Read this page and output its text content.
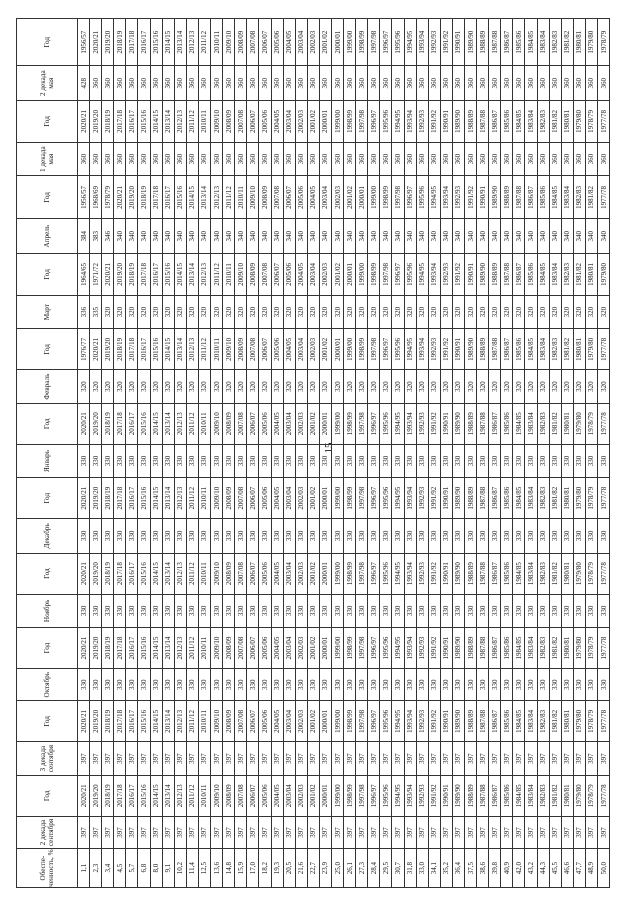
15
Обеспе-ченность, %	2 декада сентября	Год	3 декада сентября	Год	Октябрь	Год	Ноябрь	Год	Декабрь	Год	Январь	Год	Февраль	Год	Март	Год	Апрель	Год	1 декада мая	Год	2 декада мая	Год
1,1	397	2020/21	397	2020/21	330	2020/21	330	2020/21	330	2020/21	330	2020/21	320	1976/77	336	1964/65	384	1956/57	360	2020/21	428	1956/57
2,3	397	2019/20	397	2019/20	330	2019/20	330	2019/20	330	2019/20	330	2019/20	320	2020/21	335	1971/72	383	1968/69	360	2019/20	360	2020/21
3,4	397	2018/19	397	2018/19	330	2018/19	330	2018/19	330	2018/19	330	2018/19	320	2019/20	320	2020/21	346	1978/79	360	2018/19	360	2019/20
4,5	397	2017/18	397	2017/18	330	2017/18	330	2017/18	330	2017/18	330	2017/18	320	2018/19	320	2019/20	340	2020/21	360	2017/18	360	2018/19
5,7	397	2016/17	397	2016/17	330	2016/17	330	2016/17	330	2016/17	330	2016/17	320	2017/18	320	2018/19	340	2019/20	360	2016/17	360	2017/18
6,8	397	2015/16	397	2015/16	330	2015/16	330	2015/16	330	2015/16	330	2015/16	320	2016/17	320	2017/18	340	2018/19	360	2015/16	360	2016/17
8,0	397	2014/15	397	2014/15	330	2014/15	330	2014/15	330	2014/15	330	2014/15	320	2015/16	320	2016/17	340	2017/18	360	2014/15	360	2015/16
9,1	397	2013/14	397	2013/14	330	2013/14	330	2013/14	330	2013/14	330	2013/14	320	2014/15	320	2015/16	340	2016/17	360	2013/14	360	2014/15
10,2	397	2012/13	397	2012/13	330	2012/13	330	2012/13	330	2012/13	330	2012/13	320	2013/14	320	2014/15	340	2015/16	360	2012/13	360	2013/14
11,4	397	2011/12	397	2011/12	330	2011/12	330	2011/12	330	2011/12	330	2011/12	320	2012/13	320	2013/14	340	2014/15	360	2011/12	360	2012/13
12,5	397	2010/11	397	2010/11	330	2010/11	330	2010/11	330	2010/11	330	2010/11	320	2011/12	320	2012/13	340	2013/14	360	2010/11	360	2011/12
13,6	397	2009/10	397	2009/10	330	2009/10	330	2009/10	330	2009/10	330	2009/10	320	2010/11	320	2011/12	340	2012/13	360	2009/10	360	2010/11
14,8	397	2008/09	397	2008/09	330	2008/09	330	2008/09	330	2008/09	330	2008/09	320	2009/10	320	2010/11	340	2011/12	360	2008/09	360	2009/10
15,9	397	2007/08	397	2007/08	330	2007/08	330	2007/08	330	2007/08	330	2007/08	320	2008/09	320	2009/10	340	2010/11	360	2007/08	360	2008/09
17,0	397	2006/07	397	2006/07	330	2006/07	330	2006/07	330	2006/07	330	2006/07	320	2007/08	320	2008/09	340	2009/10	360	2006/07	360	2007/08
18,2	397	2005/06	397	2005/06	330	2005/06	330	2005/06	330	2005/06	330	2005/06	320	2006/07	320	2007/08	340	2008/09	360	2005/06	360	2006/07
19,3	397	2004/05	397	2004/05	330	2004/05	330	2004/05	330	2004/05	330	2004/05	320	2005/06	320	2006/07	340	2007/08	360	2004/05	360	2005/06
20,5	397	2003/04	397	2003/04	330	2003/04	330	2003/04	330	2003/04	330	2003/04	320	2004/05	320	2005/06	340	2006/07	360	2003/04	360	2004/05
21,6	397	2002/03	397	2002/03	330	2002/03	330	2002/03	330	2002/03	330	2002/03	320	2003/04	320	2004/05	340	2005/06	360	2002/03	360	2003/04
22,7	397	2001/02	397	2001/02	330	2001/02	330	2001/02	330	2001/02	330	2001/02	320	2002/03	320	2003/04	340	2004/05	360	2001/02	360	2002/03
23,9	397	2000/01	397	2000/01	330	2000/01	330	2000/01	330	2000/01	330	2000/01	320	2001/02	320	2002/03	340	2003/04	360	2000/01	360	2001/02
25,0	397	1999/00	397	1999/00	330	1999/00	330	1999/00	330	1999/00	330	1999/00	320	2000/01	320	2001/02	340	2002/03	360	1999/00	360	2000/01
26,1	397	1998/99	397	1998/99	330	1998/99	330	1998/99	330	1998/99	330	1998/99	320	1999/00	320	2000/01	340	2001/02	360	1998/99	360	1999/00
27,3	397	1997/98	397	1997/98	330	1997/98	330	1997/98	330	1997/98	330	1997/98	320	1998/99	320	1999/00	340	2000/01	360	1997/98	360	1998/99
28,4	397	1996/97	397	1996/97	330	1996/97	330	1996/97	330	1996/97	330	1996/97	320	1997/98	320	1998/99	340	1999/00	360	1996/97	360	1997/98
29,5	397	1995/96	397	1995/96	330	1995/96	330	1995/96	330	1995/96	330	1995/96	320	1996/97	320	1997/98	340	1998/99	360	1995/96	360	1996/97
30,7	397	1994/95	397	1994/95	330	1994/95	330	1994/95	330	1994/95	330	1994/95	320	1995/96	320	1996/97	340	1997/98	360	1994/95	360	1995/96
31,8	397	1993/94	397	1993/94	330	1993/94	330	1993/94	330	1993/94	330	1993/94	320	1994/95	320	1995/96	340	1996/97	360	1993/94	360	1994/95
33,0	397	1992/93	397	1992/93	330	1992/93	330	1992/93	330	1992/93	330	1992/93	320	1993/94	320	1994/95	340	1995/96	360	1992/93	360	1993/94
34,1	397	1991/92	397	1991/92	330	1991/92	330	1991/92	330	1991/92	330	1991/92	320	1992/93	320	1993/94	340	1994/95	360	1991/92	360	1992/93
35,2	397	1990/91	397	1990/91	330	1990/91	330	1990/91	330	1990/91	330	1990/91	320	1991/92	320	1992/93	340	1993/94	360	1990/91	360	1991/92
36,4	397	1989/90	397	1989/90	330	1989/90	330	1989/90	330	1989/90	330	1989/90	320	1990/91	320	1991/92	340	1992/93	360	1989/90	360	1990/91
37,5	397	1988/89	397	1988/89	330	1988/89	330	1988/89	330	1988/89	330	1988/89	320	1989/90	320	1990/91	340	1991/92	360	1988/89	360	1989/90
38,6	397	1987/88	397	1987/88	330	1987/88	330	1987/88	330	1987/88	330	1987/88	320	1988/89	320	1989/90	340	1990/91	360	1987/88	360	1988/89
39,8	397	1986/87	397	1986/87	330	1986/87	330	1986/87	330	1986/87	330	1986/87	320	1987/88	320	1988/89	340	1989/90	360	1986/87	360	1987/88
40,9	397	1985/86	397	1985/86	330	1985/86	330	1985/86	330	1985/86	330	1985/86	320	1986/87	320	1987/88	340	1988/89	360	1985/86	360	1986/87
42,0	397	1984/85	397	1984/85	330	1984/85	330	1984/85	330	1984/85	330	1984/85	320	1985/86	320	1986/87	340	1987/88	360	1984/85	360	1985/86
43,2	397	1983/84	397	1983/84	330	1983/84	330	1983/84	330	1983/84	330	1983/84	320	1984/85	320	1985/86	340	1986/87	360	1983/84	360	1984/85
44,3	397	1982/83	397	1982/83	330	1982/83	330	1982/83	330	1982/83	330	1982/83	320	1983/84	320	1984/85	340	1985/86	360	1982/83	360	1983/84
45,5	397	1981/82	397	1981/82	330	1981/82	330	1981/82	330	1981/82	330	1981/82	320	1982/83	320	1983/84	340	1984/85	360	1981/82	360	1982/83
46,6	397	1980/81	397	1980/81	330	1980/81	330	1980/81	330	1980/81	330	1980/81	320	1981/82	320	1982/83	340	1983/84	360	1980/81	360	1981/82
47,7	397	1979/80	397	1979/80	330	1979/80	330	1979/80	330	1979/80	330	1979/80	320	1980/81	320	1981/82	340	1982/83	360	1979/80	360	1980/81
48,9	397	1978/79	397	1978/79	330	1978/79	330	1978/79	330	1978/79	330	1978/79	320	1979/80	320	1980/81	340	1981/82	360	1978/79	360	1979/80
50,0	397	1977/78	397	1977/78	330	1977/78	330	1977/78	330	1977/78	330	1977/78	320	1977/78	320	1979/80	340	1977/78	360	1977/78	360	1978/79
